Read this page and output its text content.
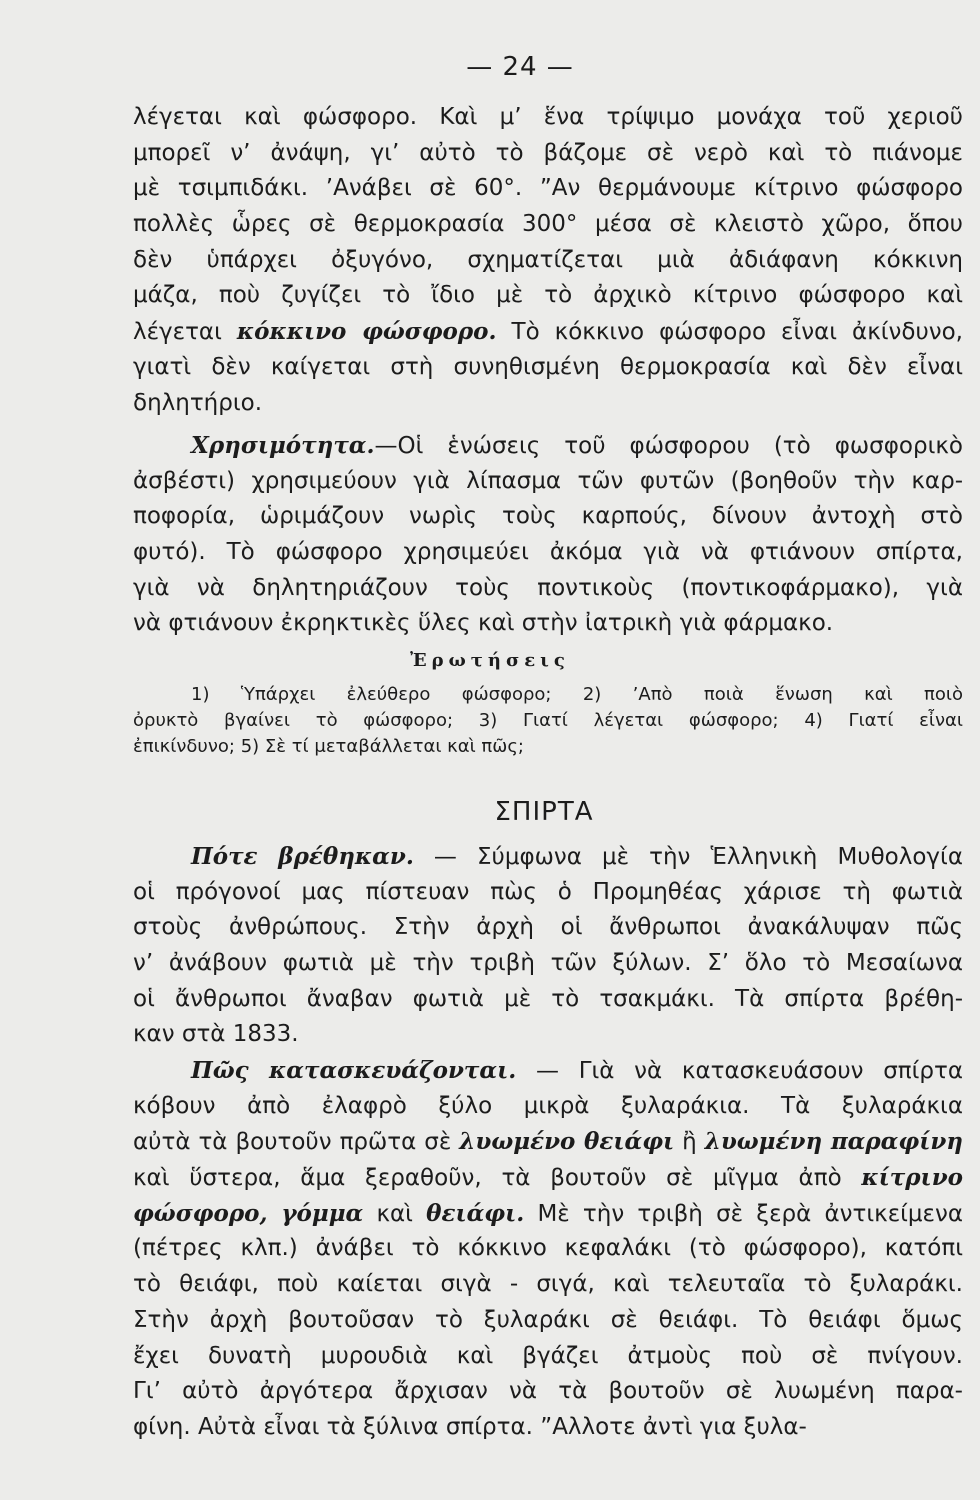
— 24 —
λέγεται καὶ φώσφορο. Καὶ μ’ ἕνα τρίψιμο μονάχα τοῦ χεριοῦ
μπορεῖ ν’ ἀνάψη, γι’ αὐτὸ τὸ βάζομε σὲ νερὸ καὶ τὸ πιάνομε
μὲ τσιμπιδάκι. ’Ανάβει σὲ 60°. ”Αν θερμάνουμε κίτρινο φώσφορο
πολλὲς ὧρες σὲ θερμοκρασία 300° μέσα σὲ κλειστὸ χῶρο, ὅπου
δὲν ὑπάρχει ὀξυγόνο, σχηματίζεται μιὰ ἀδιάφανη κόκκινη
μάζα, ποὺ ζυγίζει τὸ ἴδιο μὲ τὸ ἀρχικὸ κίτρινο φώσφορο καὶ
λέγεται κόκκινο φώσφορο. Τὸ κόκκινο φώσφορο εἶναι ἀκίνδυνο,
γιατὶ δὲν καίγεται στὴ συνηθισμένη θερμοκρασία καὶ δὲν εἶναι
δηλητήριο.
Χρησιμότητα.—Οἱ ἑνώσεις τοῦ φώσφορου (τὸ φωσφορικὸ
ἀσβέστι) χρησιμεύουν γιὰ λίπασμα τῶν φυτῶν (βοηθοῦν τὴν καρ-
ποφορία, ὡριμάζουν νωρὶς τοὺς καρπούς, δίνουν ἀντοχὴ στὸ
φυτό). Τὸ φώσφορο χρησιμεύει ἀκόμα γιὰ νὰ φτιάνουν σπίρτα,
γιὰ νὰ δηλητηριάζουν τοὺς ποντικοὺς (ποντικοφάρμακο), γιὰ
νὰ φτιάνουν ἐκρηκτικὲς ὕλες καὶ στὴν ἰατρικὴ γιὰ φάρμακο.
Ἐρωτήσεις
1) Ὑπάρχει ἐλεύθερο φώσφορο; 2) ’Απὸ ποιὰ ἕνωση καὶ ποιὸ
ὀρυκτὸ βγαίνει τὸ φώσφορο; 3) Γιατί λέγεται φώσφορο; 4) Γιατί εἶναι
ἐπικίνδυνο; 5) Σὲ τί μεταβάλλεται καὶ πῶς;
ΣΠΙΡΤΑ
Πότε βρέθηκαν. — Σύμφωνα μὲ τὴν Ἑλληνικὴ Μυθολογία
οἱ πρόγονοί μας πίστευαν πὼς ὁ Προμηθέας χάρισε τὴ φωτιὰ
στοὺς ἀνθρώπους. Στὴν ἀρχὴ οἱ ἄνθρωποι ἀνακάλυψαν πῶς
ν’ ἀνάβουν φωτιὰ μὲ τὴν τριβὴ τῶν ξύλων. Σ’ ὅλο τὸ Μεσαίωνα
οἱ ἄνθρωποι ἄναβαν φωτιὰ μὲ τὸ τσακμάκι. Τὰ σπίρτα βρέθη-
καν στὰ 1833.
Πῶς κατασκευάζονται. — Γιὰ νὰ κατασκευάσουν σπίρτα
κόβουν ἀπὸ ἐλαφρὸ ξύλο μικρὰ ξυλαράκια. Τὰ ξυλαράκια
αὐτὰ τὰ βουτοῦν πρῶτα σὲ λυωμένο θειάφι ἢ λυωμένη παραφίνη
καὶ ὕστερα, ἅμα ξεραθοῦν, τὰ βουτοῦν σὲ μῖγμα ἀπὸ κίτρινο
φώσφορο, γόμμα καὶ θειάφι. Μὲ τὴν τριβὴ σὲ ξερὰ ἀντικείμενα
(πέτρες κλπ.) ἀνάβει τὸ κόκκινο κεφαλάκι (τὸ φώσφορο), κατόπι
τὸ θειάφι, ποὺ καίεται σιγὰ - σιγά, καὶ τελευταῖα τὸ ξυλαράκι.
Στὴν ἀρχὴ βουτοῦσαν τὸ ξυλαράκι σὲ θειάφι. Τὸ θειάφι ὅμως
ἔχει δυνατὴ μυρουδιὰ καὶ βγάζει ἀτμοὺς ποὺ σὲ πνίγουν.
Γι’ αὐτὸ ἀργότερα ἄρχισαν νὰ τὰ βουτοῦν σὲ λυωμένη παρα-
φίνη. Αὐτὰ εἶναι τὰ ξύλινα σπίρτα. ”Αλλοτε ἀντὶ για ξυλα-
